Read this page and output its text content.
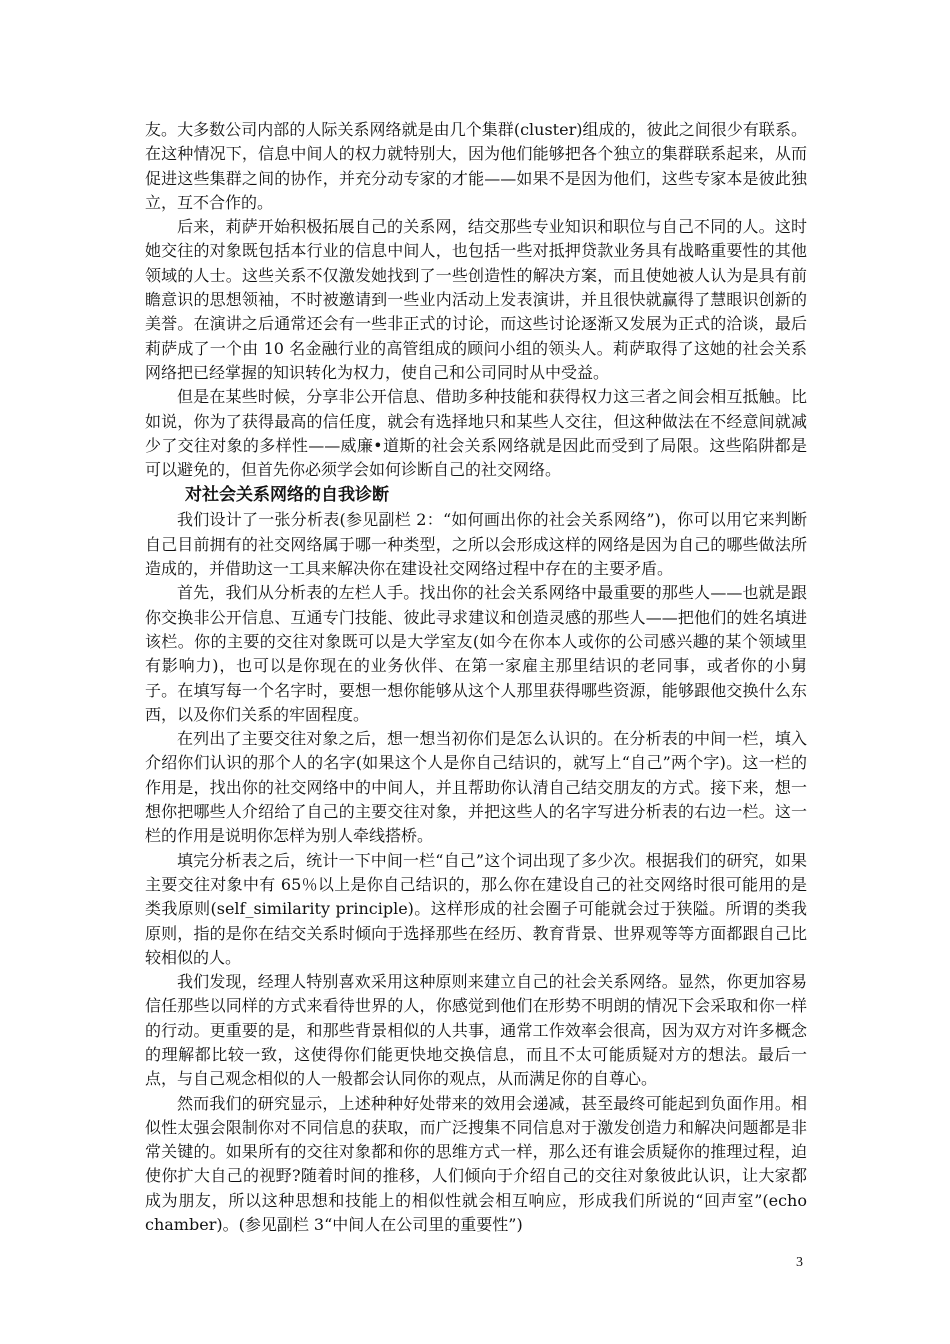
友。大多数公司内部的人际关系网络就是由几个集群(cluster)组成的，彼此之间很少有联系。在这种情况下，信息中间人的权力就特别大，因为他们能够把各个独立的集群联系起来，从而促进这些集群之间的协作，并充分动专家的才能——如果不是因为他们，这些专家本是彼此独立，互不合作的。

后来，莉萨开始积极拓展自己的关系网，结交那些专业知识和职位与自己不同的人。这时她交往的对象既包括本行业的信息中间人，也包括一些对抵押贷款业务具有战略重要性的其他领域的人士。这些关系不仅激发她找到了一些创造性的解决方案，而且使她被人认为是具有前瞻意识的思想领袖，不时被邀请到一些业内活动上发表演讲，并且很快就赢得了慧眼识创新的美誉。在演讲之后通常还会有一些非正式的讨论，而这些讨论逐渐又发展为正式的洽谈，最后莉萨成了一个由 10 名金融行业的高管组成的顾问小组的领头人。莉萨取得了这她的社会关系网络把已经掌握的知识转化为权力，使自己和公司同时从中受益。

但是在某些时候，分享非公开信息、借助多种技能和获得权力这三者之间会相互抵触。比如说，你为了获得最高的信任度，就会有选择地只和某些人交往，但这种做法在不经意间就减少了交往对象的多样性——威廉•道斯的社会关系网络就是因此而受到了局限。这些陷阱都是可以避免的，但首先你必须学会如何诊断自己的社交网络。

对社会关系网络的自我诊断

我们设计了一张分析表(参见副栏 2：“如何画出你的社会关系网络”)，你可以用它来判断自己目前拥有的社交网络属于哪一种类型，之所以会形成这样的网络是因为自己的哪些做法所造成的，并借助这一工具来解决你在建设社交网络过程中存在的主要矛盾。

首先，我们从分析表的左栏人手。找出你的社会关系网络中最重要的那些人——也就是跟你交换非公开信息、互通专门技能、彼此寻求建议和创造灵感的那些人——把他们的姓名填进该栏。你的主要的交往对象既可以是大学室友(如今在你本人或你的公司感兴趣的某个领域里有影响力)，也可以是你现在的业务伙伴、在第一家雇主那里结识的老同事，或者你的小舅子。在填写每一个名字时，要想一想你能够从这个人那里获得哪些资源，能够跟他交换什么东西，以及你们关系的牢固程度。

在列出了主要交往对象之后，想一想当初你们是怎么认识的。在分析表的中间一栏，填入介绍你们认识的那个人的名字(如果这个人是你自己结识的，就写上“自己”两个字)。这一栏的作用是，找出你的社交网络中的中间人，并且帮助你认清自己结交朋友的方式。接下来，想一想你把哪些人介绍给了自己的主要交往对象，并把这些人的名字写进分析表的右边一栏。这一栏的作用是说明你怎样为别人牵线搭桥。

填完分析表之后，统计一下中间一栏“自己”这个词出现了多少次。根据我们的研究，如果主要交往对象中有 65％以上是你自己结识的，那么你在建设自己的社交网络时很可能用的是类我原则(self_similarity principle)。这样形成的社会圈子可能就会过于狭隘。所谓的类我原则，指的是你在结交关系时倾向于选择那些在经历、教育背景、世界观等等方面都跟自己比较相似的人。

我们发现，经理人特别喜欢采用这种原则来建立自己的社会关系网络。显然，你更加容易信任那些以同样的方式来看待世界的人，你感觉到他们在形势不明朗的情况下会采取和你一样的行动。更重要的是，和那些背景相似的人共事，通常工作效率会很高，因为双方对许多概念的理解都比较一致，这使得你们能更快地交换信息，而且不太可能质疑对方的想法。最后一点，与自己观念相似的人一般都会认同你的观点，从而满足你的自尊心。

然而我们的研究显示，上述种种好处带来的效用会递减，甚至最终可能起到负面作用。相似性太强会限制你对不同信息的获取，而广泛搜集不同信息对于激发创造力和解决问题都是非常关键的。如果所有的交往对象都和你的思维方式一样，那么还有谁会质疑你的推理过程，迫使你扩大自己的视野?随着时间的推移，人们倾向于介绍自己的交往对象彼此认识，让大家都成为朋友，所以这种思想和技能上的相似性就会相互响应，形成我们所说的“回声室”(echo chamber)。(参见副栏 3“中间人在公司里的重要性”)

3
